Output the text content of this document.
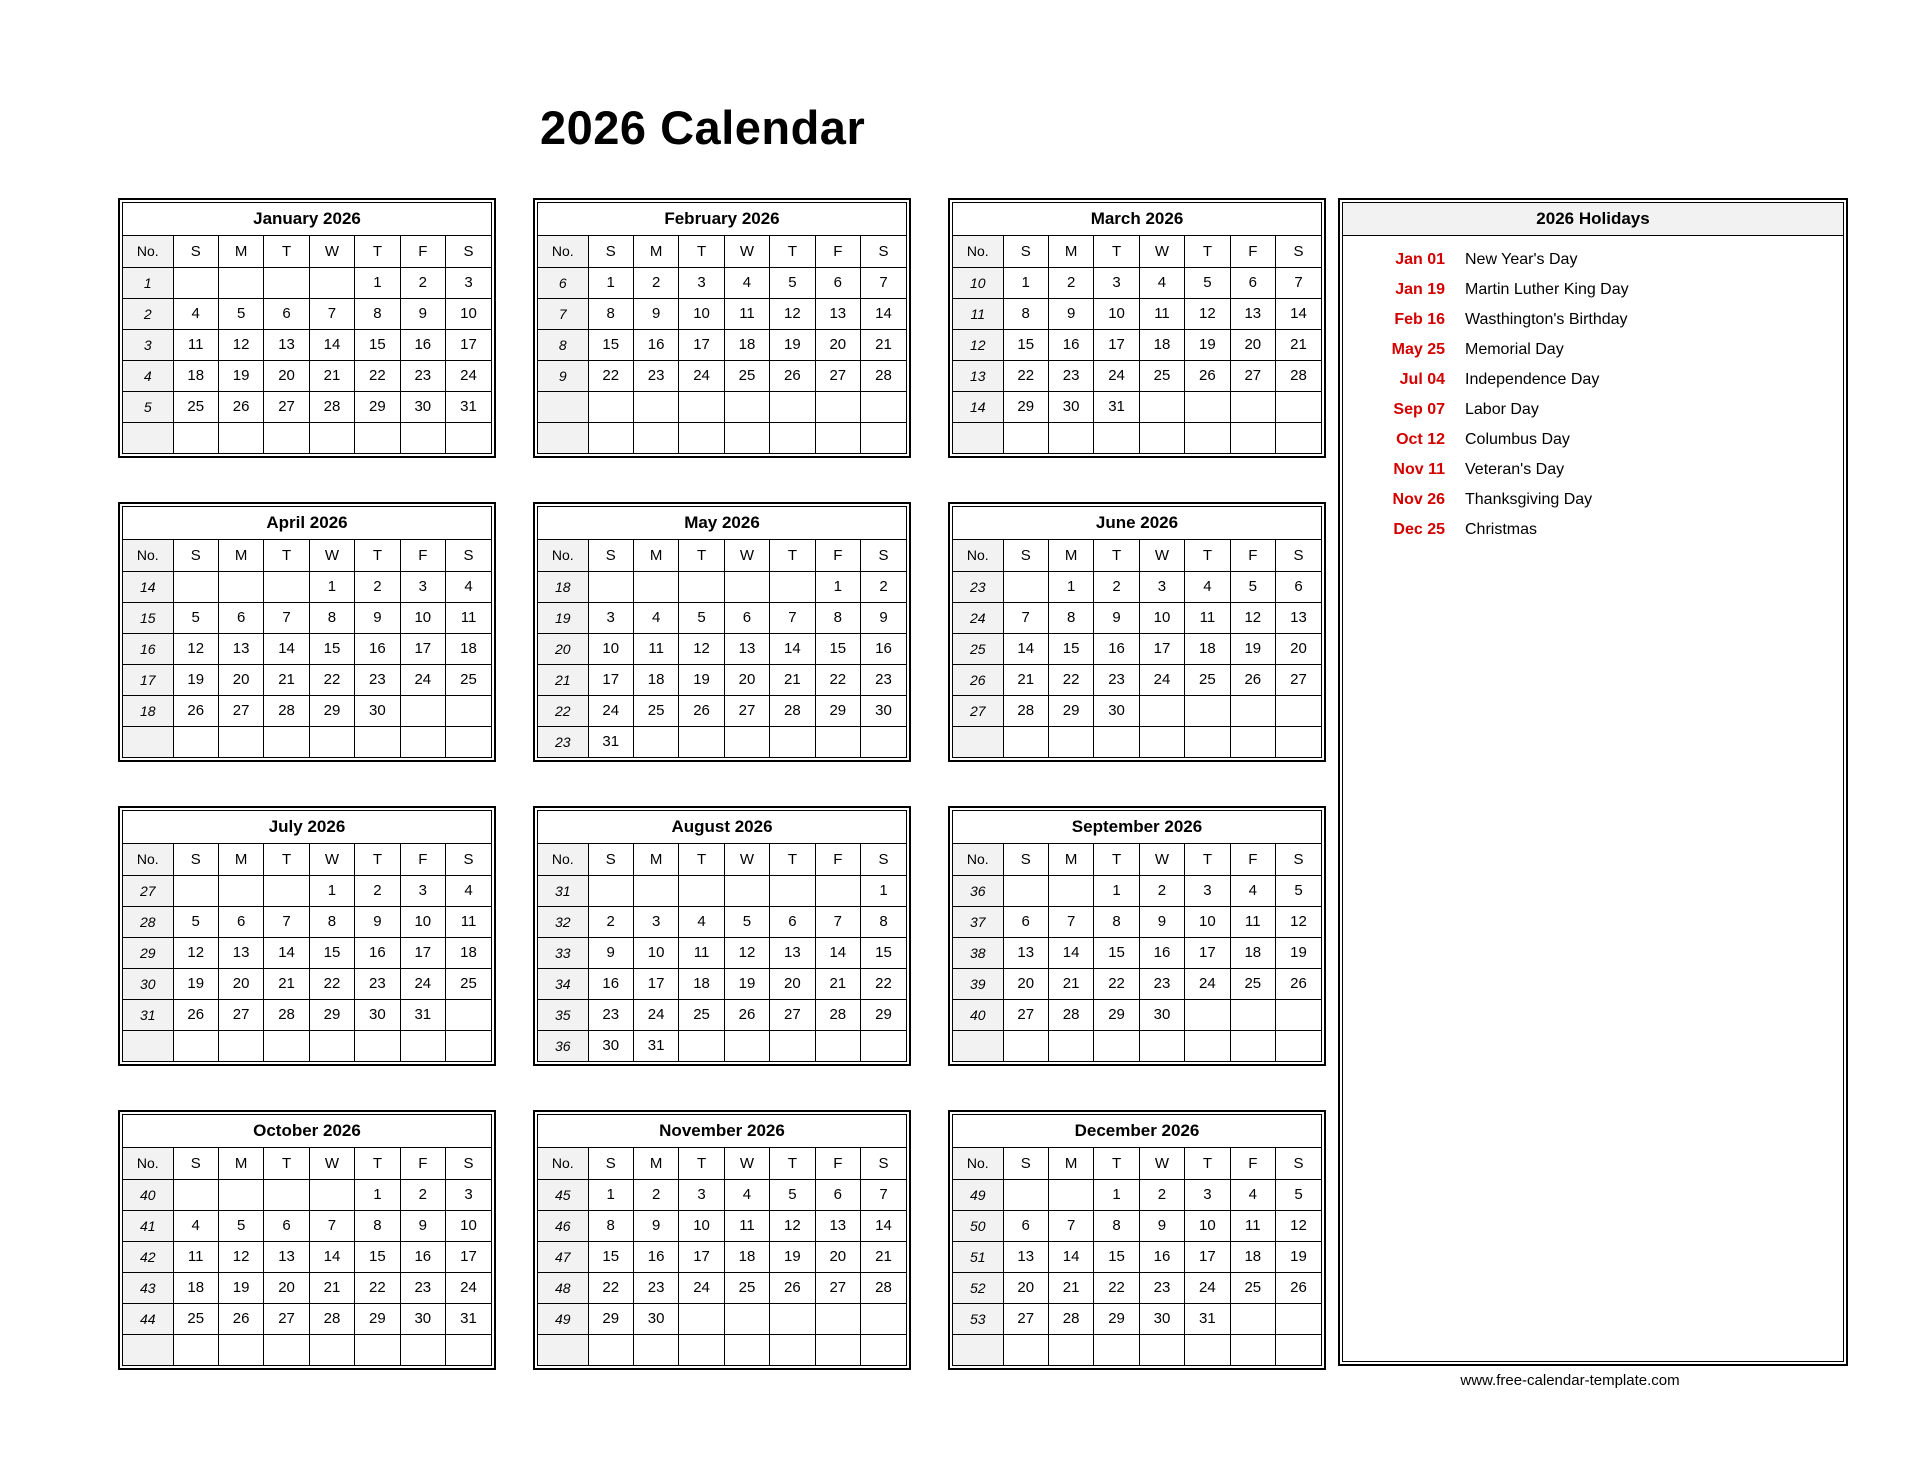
2026 Calendar
January 2026
No.	S	M	T	W	T	F	S
1					1	2	3
2	4	5	6	7	8	9	10
3	11	12	13	14	15	16	17
4	18	19	20	21	22	23	24
5	25	26	27	28	29	30	31

February 2026
No.	S	M	T	W	T	F	S
6	1	2	3	4	5	6	7
7	8	9	10	11	12	13	14
8	15	16	17	18	19	20	21
9	22	23	24	25	26	27	28

March 2026
No.	S	M	T	W	T	F	S
10	1	2	3	4	5	6	7
11	8	9	10	11	12	13	14
12	15	16	17	18	19	20	21
13	22	23	24	25	26	27	28
14	29	30	31				

April 2026
No.	S	M	T	W	T	F	S
14				1	2	3	4
15	5	6	7	8	9	10	11
16	12	13	14	15	16	17	18
17	19	20	21	22	23	24	25
18	26	27	28	29	30		

May 2026
No.	S	M	T	W	T	F	S
18						1	2
19	3	4	5	6	7	8	9
20	10	11	12	13	14	15	16
21	17	18	19	20	21	22	23
22	24	25	26	27	28	29	30
23	31						
June 2026
No.	S	M	T	W	T	F	S
23		1	2	3	4	5	6
24	7	8	9	10	11	12	13
25	14	15	16	17	18	19	20
26	21	22	23	24	25	26	27
27	28	29	30				

July 2026
No.	S	M	T	W	T	F	S
27				1	2	3	4
28	5	6	7	8	9	10	11
29	12	13	14	15	16	17	18
30	19	20	21	22	23	24	25
31	26	27	28	29	30	31	

August 2026
No.	S	M	T	W	T	F	S
31							1
32	2	3	4	5	6	7	8
33	9	10	11	12	13	14	15
34	16	17	18	19	20	21	22
35	23	24	25	26	27	28	29
36	30	31					
September 2026
No.	S	M	T	W	T	F	S
36			1	2	3	4	5
37	6	7	8	9	10	11	12
38	13	14	15	16	17	18	19
39	20	21	22	23	24	25	26
40	27	28	29	30			

October 2026
No.	S	M	T	W	T	F	S
40					1	2	3
41	4	5	6	7	8	9	10
42	11	12	13	14	15	16	17
43	18	19	20	21	22	23	24
44	25	26	27	28	29	30	31

November 2026
No.	S	M	T	W	T	F	S
45	1	2	3	4	5	6	7
46	8	9	10	11	12	13	14
47	15	16	17	18	19	20	21
48	22	23	24	25	26	27	28
49	29	30					

December 2026
No.	S	M	T	W	T	F	S
49			1	2	3	4	5
50	6	7	8	9	10	11	12
51	13	14	15	16	17	18	19
52	20	21	22	23	24	25	26
53	27	28	29	30	31		

2026 Holidays
Jan 01	New Year's Day
Jan 19	Martin Luther King Day
Feb 16	Wasthington's Birthday
May 25	Memorial Day
Jul 04	Independence Day
Sep 07	Labor Day
Oct 12	Columbus Day
Nov 11	Veteran's Day
Nov 26	Thanksgiving Day
Dec 25	Christmas
www.free-calendar-template.com
